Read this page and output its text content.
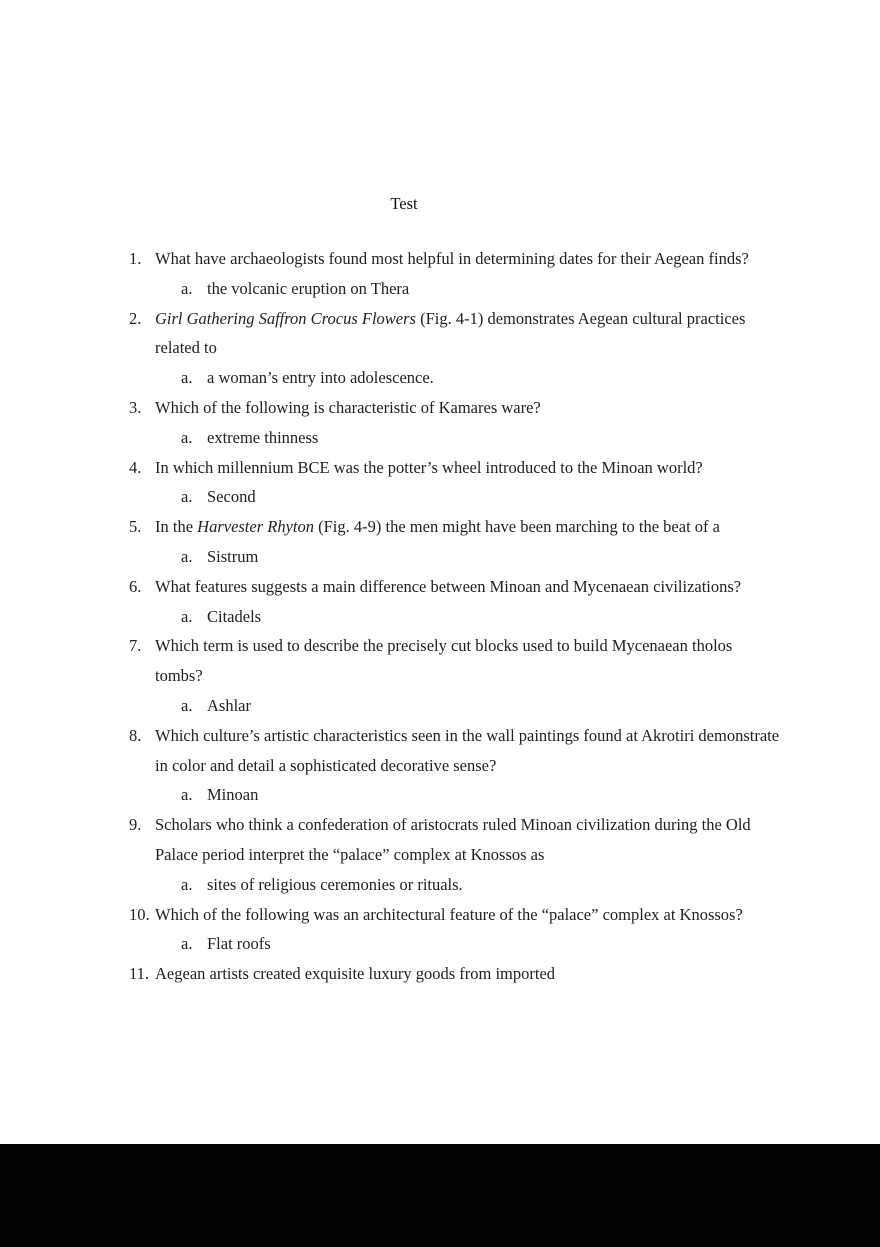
Test
1. What have archaeologists found most helpful in determining dates for their Aegean finds?
a. the volcanic eruption on Thera
2. Girl Gathering Saffron Crocus Flowers (Fig. 4-1) demonstrates Aegean cultural practices related to
a. a woman’s entry into adolescence.
3. Which of the following is characteristic of Kamares ware?
a. extreme thinness
4. In which millennium BCE was the potter’s wheel introduced to the Minoan world?
a. Second
5. In the Harvester Rhyton (Fig. 4-9) the men might have been marching to the beat of a
a. Sistrum
6. What features suggests a main difference between Minoan and Mycenaean civilizations?
a. Citadels
7. Which term is used to describe the precisely cut blocks used to build Mycenaean tholos tombs?
a. Ashlar
8. Which culture’s artistic characteristics seen in the wall paintings found at Akrotiri demonstrate in color and detail a sophisticated decorative sense?
a. Minoan
9. Scholars who think a confederation of aristocrats ruled Minoan civilization during the Old Palace period interpret the “palace” complex at Knossos as
a. sites of religious ceremonies or rituals.
10. Which of the following was an architectural feature of the “palace” complex at Knossos?
a. Flat roofs
11. Aegean artists created exquisite luxury goods from imported
